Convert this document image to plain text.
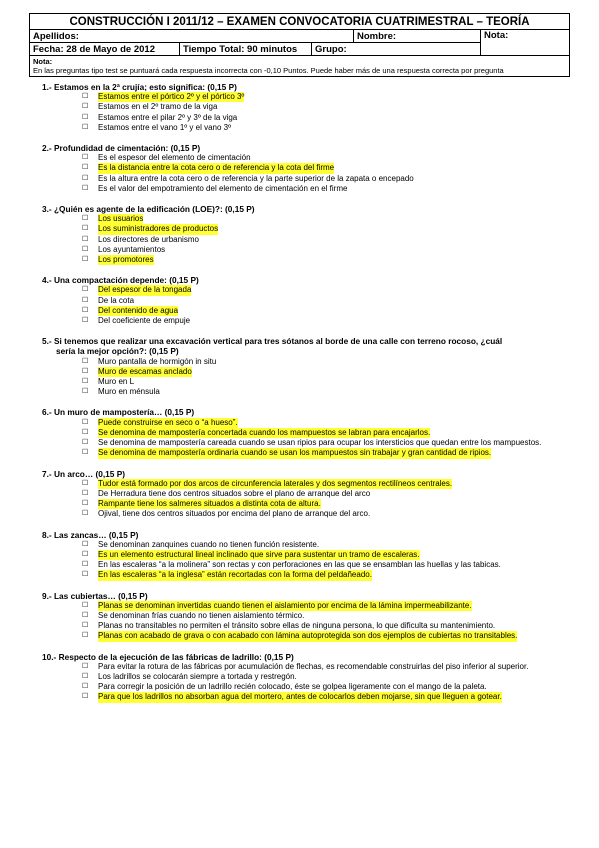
CONSTRUCCIÓN I 2011/12 – EXAMEN CONVOCATORIA CUATRIMESTRAL – TEORÍA				
Apellidos:			Nombre:	Nota:
Fecha: 28 de Mayo de 2012	Tiempo Total: 90 minutos	Grupo:		

Nota:
En las preguntas tipo test se puntuará cada respuesta incorrecta con -0,10 Puntos. Puede haber más de una respuesta correcta por pregunta				
1.- Estamos en la 2ª crujía; esto significa: (0,15 P)
☐	Estamos entre el pórtico 2º y el pórtico 3º
☐	Estamos en el 2º tramo de la viga
☐	Estamos entre el pilar 2º y 3º de la viga
☐	Estamos entre el vano 1º y el vano 3º
2.- Profundidad de cimentación: (0,15 P)
☐	Es el espesor del elemento de cimentación
☐	Es la distancia entre la cota cero o de referencia y la cota del firme
☐	Es la altura entre la cota cero o de referencia y la parte superior de la zapata o encepado
☐	Es el valor del empotramiento del elemento de cimentación en el firme
3.- ¿Quién es agente de la edificación (LOE)?: (0,15 P)
☐	Los usuarios
☐	Los suministradores de productos
☐	Los directores de urbanismo
☐	Los ayuntamientos
☐	Los promotores
4.- Una compactación depende: (0,15 P)
☐	Del espesor de la tongada
☐	De la cota
☐	Del contenido de agua
☐	Del coeficiente de empuje
5.- Si tenemos que realizar una excavación vertical para tres sótanos al borde de una calle con terreno rocoso, ¿cuál
sería la mejor opción?: (0,15 P)
☐	Muro pantalla de hormigón in situ
☐	Muro de escamas anclado
☐	Muro en L
☐	Muro en ménsula
6.- Un muro de mampostería… (0,15 P)
☐	Puede construirse en seco o “a hueso”.
☐	Se denomina de mampostería concertada cuando los mampuestos se labran para encajarlos.
☐	Se denomina de mampostería careada cuando se usan ripios para ocupar los intersticios que quedan entre los mampuestos.
☐	Se denomina de mampostería ordinaria cuando se usan los mampuestos sin trabajar y gran cantidad de ripios.
7.- Un arco… (0,15 P)
☐	Tudor está formado por dos arcos de circunferencia laterales y dos segmentos rectilíneos centrales.
☐	De Herradura tiene dos centros situados sobre el plano de arranque del arco
☐	Rampante tiene los salmeres situados a distinta cota de altura.
☐	Ojival, tiene dos centros situados por encima del plano de arranque del arco.
8.- Las zancas… (0,15 P)
☐	Se denominan zanquines cuando no tienen función resistente.
☐	Es un elemento estructural lineal inclinado que sirve para sustentar un tramo de escaleras.
☐	En las escaleras “a la molinera” son rectas y con perforaciones en las que se ensamblan las huellas y las tabicas.
☐	En las escaleras “a la inglesa” están recortadas con la forma del peldañeado.
9.- Las cubiertas… (0,15 P)
☐	Planas se denominan invertidas cuando tienen el aislamiento por encima de la lámina impermeabilizante.
☐	Se denominan frías cuando no tienen aislamiento térmico.
☐	Planas no transitables no permiten el tránsito sobre ellas de ninguna persona, lo que dificulta su mantenimiento.
☐	Planas con acabado de grava o con acabado con lámina autoprotegida son dos ejemplos de cubiertas no transitables.
10.- Respecto de la ejecución de las fábricas de ladrillo: (0,15 P)
☐	Para evitar la rotura de las fábricas por acumulación de flechas, es recomendable construirlas del piso inferior al superior.
☐	Los ladrillos se colocarán siempre a tortada y restregón.
☐	Para corregir la posición de un ladrillo recién colocado, éste se golpea ligeramente con el mango de la paleta.
☐	Para que los ladrillos no absorban agua del mortero, antes de colocarlos deben mojarse, sin que lleguen a gotear.
